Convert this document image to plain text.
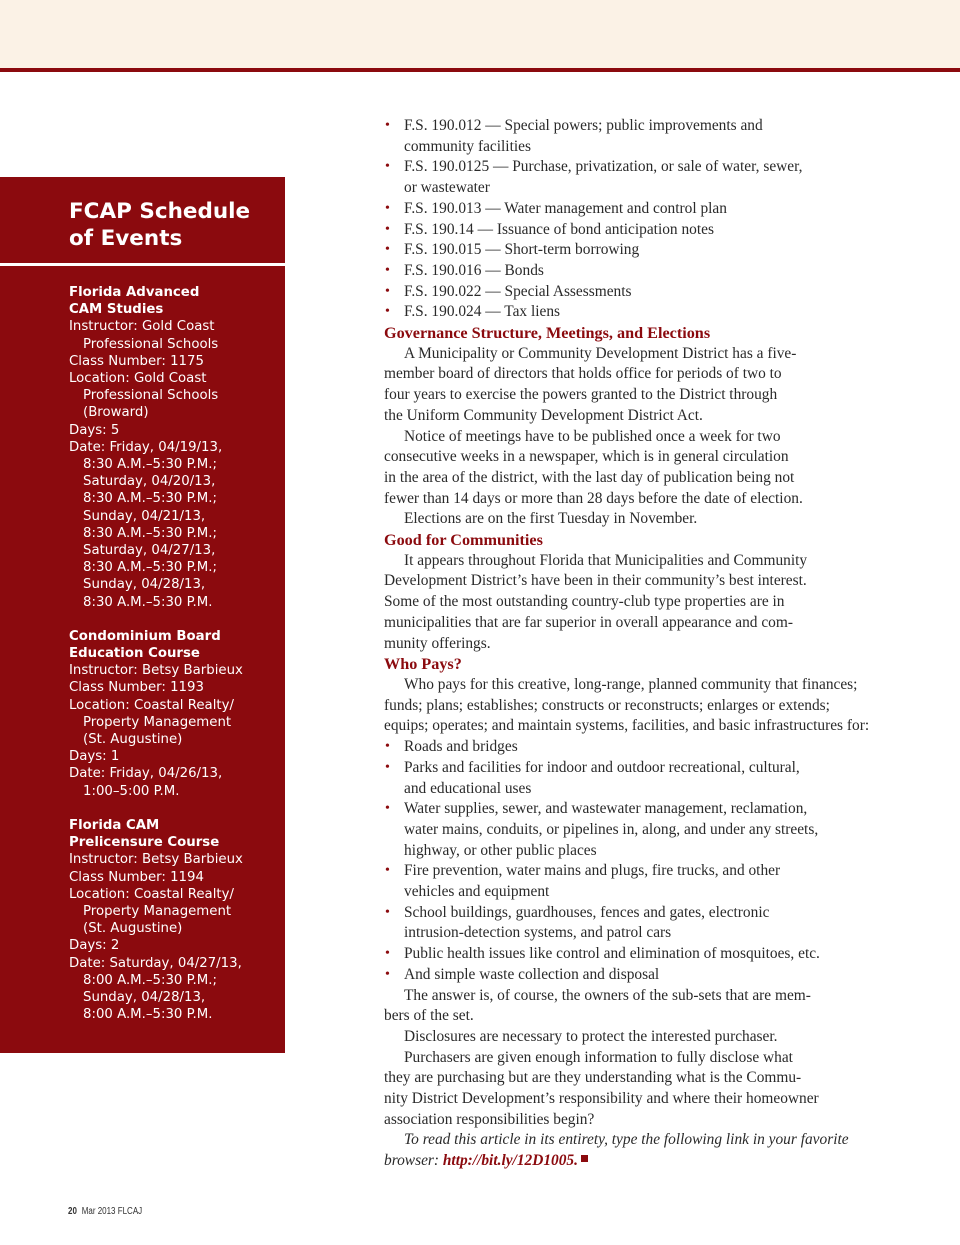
FCAP Schedule
of Events
Florida Advanced
CAM Studies
Instructor: Gold Coast
Professional Schools
Class Number: 1175
Location: Gold Coast
Professional Schools
(Broward)
Days: 5
Date: Friday, 04/19/13,
8:30 A.M.–5:30 P.M.;
Saturday, 04/20/13,
8:30 A.M.–5:30 P.M.;
Sunday, 04/21/13,
8:30 A.M.–5:30 P.M.;
Saturday, 04/27/13,
8:30 A.M.–5:30 P.M.;
Sunday, 04/28/13,
8:30 A.M.–5:30 P.M.
Condominium Board
Education Course
Instructor: Betsy Barbieux
Class Number: 1193
Location: Coastal Realty/
Property Management
(St. Augustine)
Days: 1
Date: Friday, 04/26/13,
1:00–5:00 P.M.
Florida CAM
Prelicensure Course
Instructor: Betsy Barbieux
Class Number: 1194
Location: Coastal Realty/
Property Management
(St. Augustine)
Days: 2
Date: Saturday, 04/27/13,
8:00 A.M.–5:30 P.M.;
Sunday, 04/28/13,
8:00 A.M.–5:30 P.M.
• F.S. 190.012 — Special powers; public improvements and
community facilities
• F.S. 190.0125 — Purchase, privatization, or sale of water, sewer,
or wastewater
• F.S. 190.013 — Water management and control plan
• F.S. 190.14 — Issuance of bond anticipation notes
• F.S. 190.015 — Short-term borrowing
• F.S. 190.016 — Bonds
• F.S. 190.022 — Special Assessments
• F.S. 190.024 — Tax liens
Governance Structure, Meetings, and Elections
A Municipality or Community Development District has a five-
member board of directors that holds office for periods of two to
four years to exercise the powers granted to the District through
the Uniform Community Development District Act.
Notice of meetings have to be published once a week for two
consecutive weeks in a newspaper, which is in general circulation
in the area of the district, with the last day of publication being not
fewer than 14 days or more than 28 days before the date of election.
Elections are on the first Tuesday in November.
Good for Communities
It appears throughout Florida that Municipalities and Community
Development District’s have been in their community’s best interest.
Some of the most outstanding country-club type properties are in
municipalities that are far superior in overall appearance and com-
munity offerings.
Who Pays?
Who pays for this creative, long-range, planned community that finances;
funds; plans; establishes; constructs or reconstructs; enlarges or extends;
equips; operates; and maintain systems, facilities, and basic infrastructures for:
• Roads and bridges
• Parks and facilities for indoor and outdoor recreational, cultural,
and educational uses
• Water supplies, sewer, and wastewater management, reclamation,
water mains, conduits, or pipelines in, along, and under any streets,
highway, or other public places
• Fire prevention, water mains and plugs, fire trucks, and other
vehicles and equipment
• School buildings, guardhouses, fences and gates, electronic
intrusion-detection systems, and patrol cars
• Public health issues like control and elimination of mosquitoes, etc.
• And simple waste collection and disposal
The answer is, of course, the owners of the sub-sets that are mem-
bers of the set.
Disclosures are necessary to protect the interested purchaser.
Purchasers are given enough information to fully disclose what
they are purchasing but are they understanding what is the Commu-
nity District Development’s responsibility and where their homeowner
association responsibilities begin?
To read this article in its entirety, type the following link in your favorite
browser: http://bit.ly/12D1005.
20 Mar 2013 FLCAJ
